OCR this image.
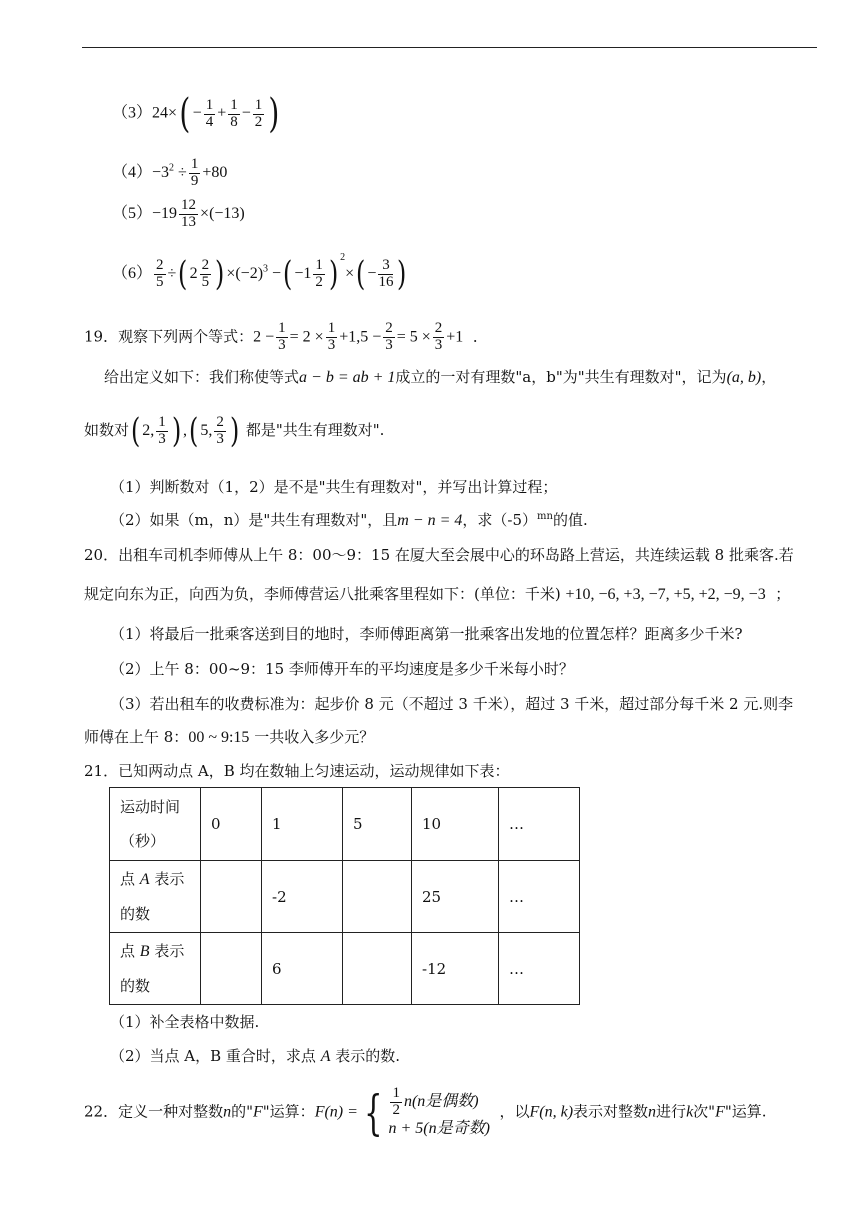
$(3)24\times( - \frac{1}{4} + \frac{1}{8} - \frac{1}{2}$ )
$(4)-3^2 \div \frac{1}{9} +80$
$(5)-19 \frac{12}{13} \times(-13)$
$(6) \frac{2}{5}$ ÷( $2 \frac{2}{5}$ ) $\times(-2)^3$ −( $-1 \frac{1}{2}$ ) $^2\times( - \frac{3}{16}$ )
19．观察下列两个等式：$2 - \frac{1}{3} = 2 \times \frac{1}{3} +1,5 - \frac{2}{3} = 5 \times \frac{2}{3} +1$ ．
给出定义如下：我们称使等式a − b = ab + 1成立的一对有理数"a，b"为"共生有理数对"，记为(a, b)，
如数对( 2, $\frac{1}{3}$ ) ,( 5, $\frac{2}{3}$ ) 都是"共生有理数对".
（1）判断数对（1，2）是不是"共生有理数对"，并写出计算过程；
（2）如果（m，n）是"共生有理数对"，且m − n = 4，求$(-5)^{mn}$的值.
20．出租车司机李师傅从上午 8：00～9：15 在厦大至会展中心的环岛路上营运，共连续运载 8 批乘客.若
规定向东为正，向西为负，李师傅营运八批乘客里程如下：(单位：千米) +10, −6, +3, −7, +5, +2, −9, −3 ；
（1）将最后一批乘客送到目的地时，李师傅距离第一批乘客出发地的位置怎样？距离多少千米?
（2）上午 8：00~9：15 李师傅开车的平均速度是多少千米每小时？
（3）若出租车的收费标准为：起步价 8 元（不超过 3 千米），超过 3 千米，超过部分每千米 2 元.则李
师傅在上午 8：00 ~ 9:15 一共收入多少元？
21．已知两动点 A，B 均在数轴上匀速运动，运动规律如下表：
运动时间
（秒）	0	1	5	10	…
点 A 表示
的数		-2		25	…
点 B 表示
的数		6		-12	…
（1）补全表格中数据.
（2）当点 A，B 重合时，求点 A 表示的数.
22．定义一种对整数n的"F"运算：F(n) = { $\frac{1}{2} n(n$是偶数)
n + 5(n是奇数)
，以F(n, k)表示对整数n进行k次"F"运算.
